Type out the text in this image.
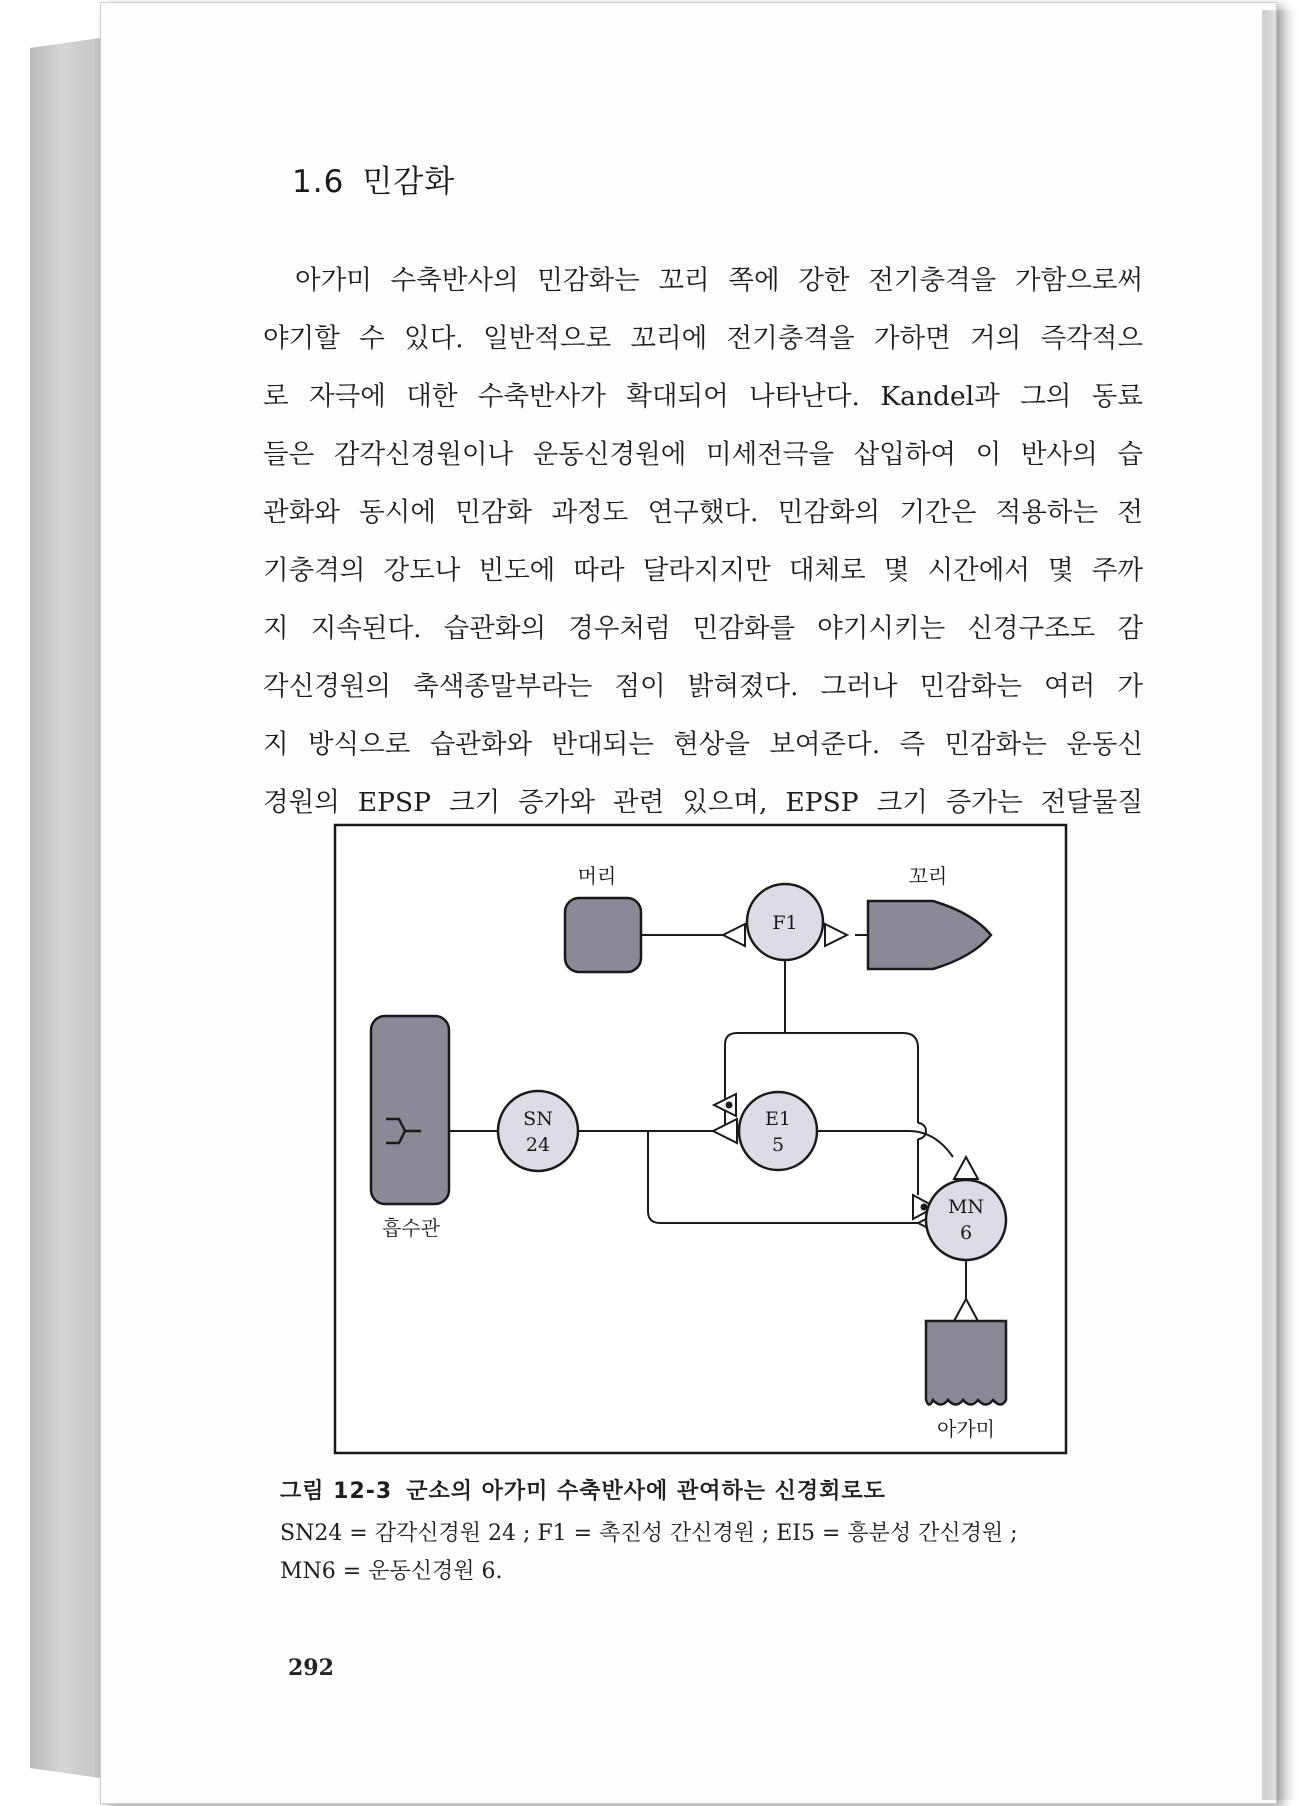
1.6 민감화
아가미 수축반사의 민감화는 꼬리 쪽에 강한 전기충격을 가함으로써
야기할 수 있다. 일반적으로 꼬리에 전기충격을 가하면 거의 즉각적으
로 자극에 대한 수축반사가 확대되어 나타난다. Kandel과 그의 동료
들은 감각신경원이나 운동신경원에 미세전극을 삽입하여 이 반사의 습
관화와 동시에 민감화 과정도 연구했다. 민감화의 기간은 적용하는 전
기충격의 강도나 빈도에 따라 달라지지만 대체로 몇 시간에서 몇 주까
지 지속된다. 습관화의 경우처럼 민감화를 야기시키는 신경구조도 감
각신경원의 축색종말부라는 점이 밝혀졌다. 그러나 민감화는 여러 가
지 방식으로 습관화와 반대되는 현상을 보여준다. 즉 민감화는 운동신
경원의 EPSP 크기 증가와 관련 있으며, EPSP 크기 증가는 전달물질
F1
SN
24
E1
5
MN
6
머리	꼬리
흡수관
아가미
그림 12-3 군소의 아가미 수축반사에 관여하는 신경회로도
SN24 = 감각신경원 24 ; F1 = 촉진성 간신경원 ; EI5 = 흥분성 간신경원 ;
MN6 = 운동신경원 6.
292
